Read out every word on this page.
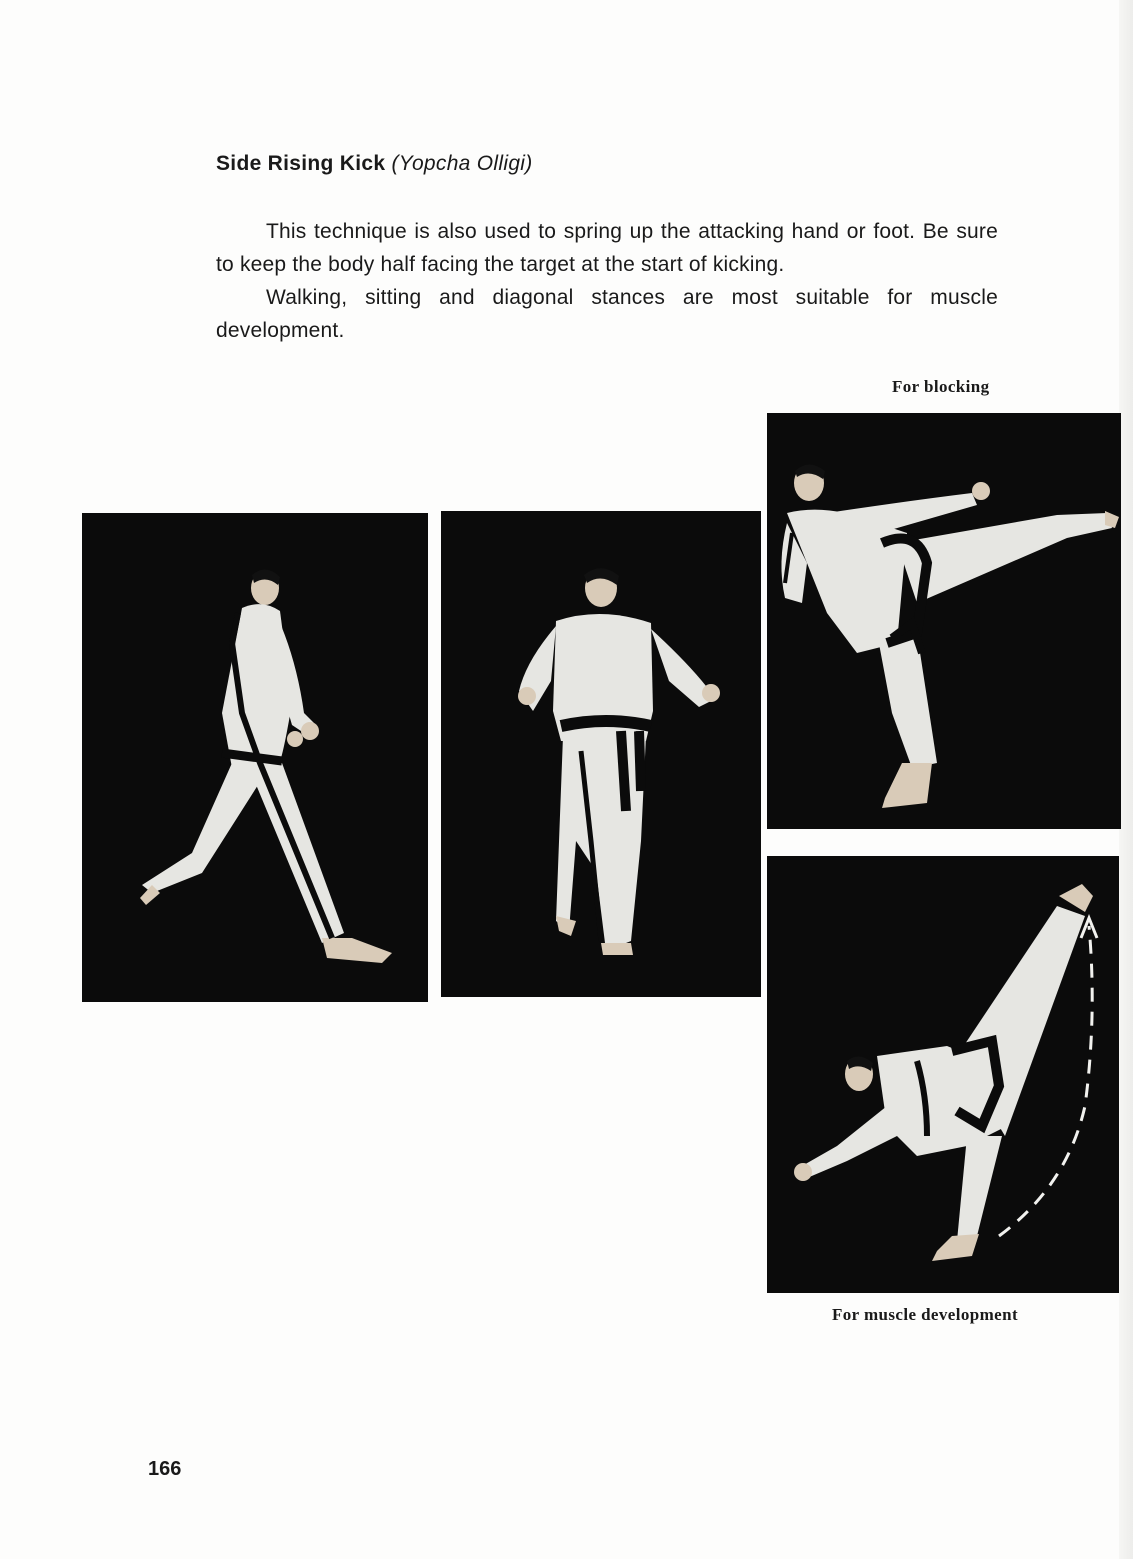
Side Rising Kick (Yopcha Olligi)

This technique is also used to spring up the attacking hand or foot. Be sure to keep the body half facing the target at the start of kicking.

Walking, sitting and diagonal stances are most suitable for muscle development.

For blocking
For muscle development
166
